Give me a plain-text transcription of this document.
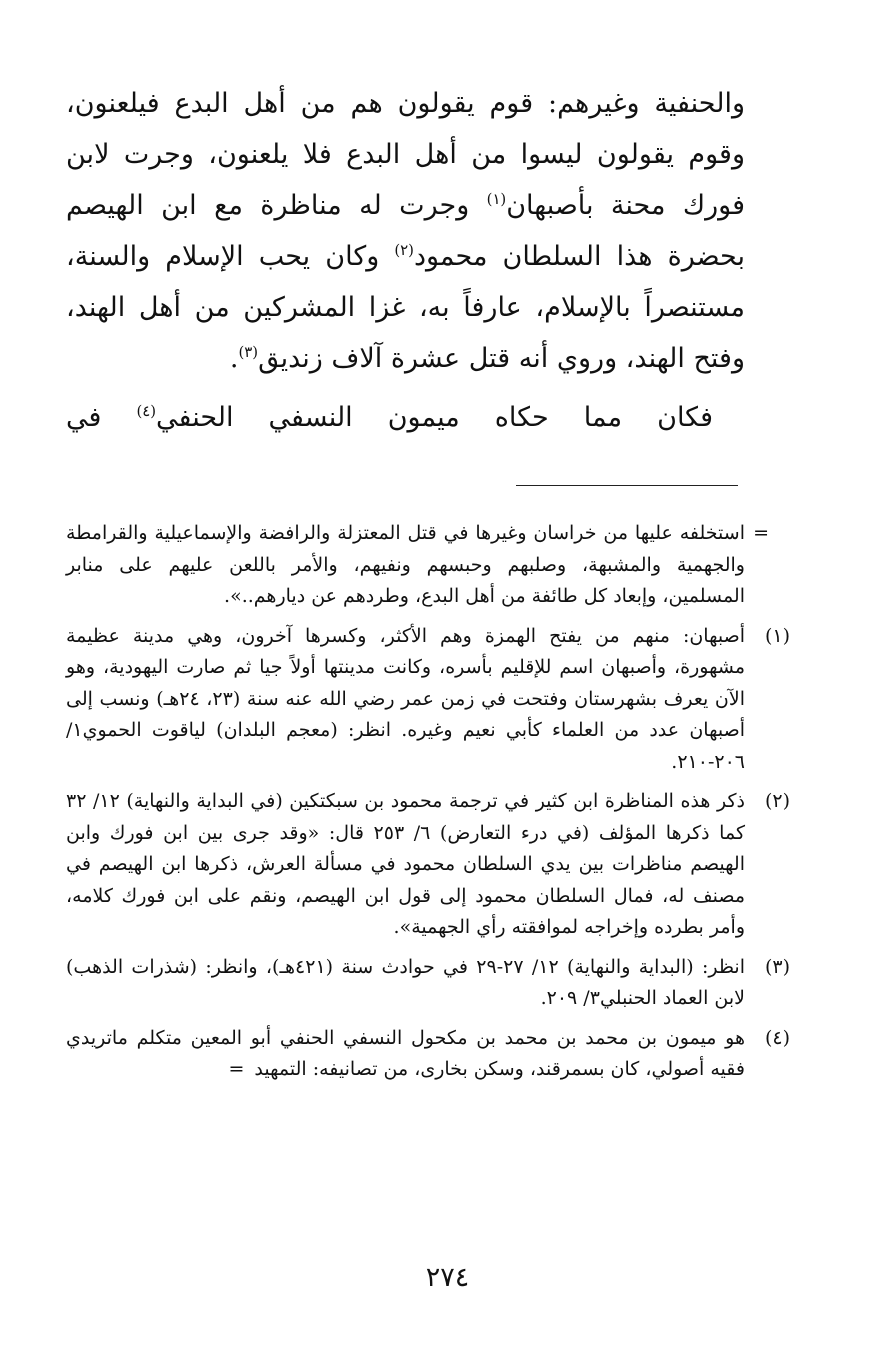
والحنفية وغيرهم: قوم يقولون هم من أهل البدع فيلعنون، وقوم يقولون ليسوا من أهل البدع فلا يلعنون، وجرت لابن فورك محنة بأصبهان$^{(١)}$ وجرت له مناظرة مع ابن الهيصم بحضرة هذا السلطان محمود$^{(٢)}$ وكان يحب الإسلام والسنة، مستنصراً بالإسلام، عارفاً به، غزا المشركين من أهل الهند، وفتح الهند، وروي أنه قتل عشرة آلاف زنديق$^{(٣)}$.

فكان مما حكاه ميمون النسفي الحنفي$^{(٤)}$ في

=
استخلفه عليها من خراسان وغيرها في قتل المعتزلة والرافضة والإسماعيلية والقرامطة والجهمية والمشبهة، وصلبهم وحبسهم ونفيهم، والأمر باللعن عليهم على منابر المسلمين، وإبعاد كل طائفة من أهل البدع، وطردهم عن ديارهم..».
(١)
أصبهان: منهم من يفتح الهمزة وهم الأكثر، وكسرها آخرون، وهي مدينة عظيمة مشهورة، وأصبهان اسم للإقليم بأسره، وكانت مدينتها أولاً جيا ثم صارت اليهودية، وهو الآن يعرف بشهرستان وفتحت في زمن عمر رضي الله عنه سنة (٢٣، ٢٤هـ) ونسب إلى أصبهان عدد من العلماء كأبي نعيم وغيره. انظر: (معجم البلدان) لياقوت الحموي١/ ٢٠٦-٢١٠.
(٢)
ذكر هذه المناظرة ابن كثير في ترجمة محمود بن سبكتكين (في البداية والنهاية) ١٢/ ٣٢ كما ذكرها المؤلف (في درء التعارض) ٦/ ٢٥٣ قال: «وقد جرى بين ابن فورك وابن الهيصم مناظرات بين يدي السلطان محمود في مسألة العرش، ذكرها ابن الهيصم في مصنف له، فمال السلطان محمود إلى قول ابن الهيصم، ونقم على ابن فورك كلامه، وأمر بطرده وإخراجه لموافقته رأي الجهمية».
(٣)
انظر: (البداية والنهاية) ١٢/ ٢٧-٢٩ في حوادث سنة (٤٢١هـ)، وانظر: (شذرات الذهب) لابن العماد الحنبلي٣/ ٢٠٩.
(٤)
هو ميمون بن محمد بن محمد بن مكحول النسفي الحنفي أبو المعين متكلم ماتريدي فقيه أصولي، كان بسمرقند، وسكن بخارى، من تصانيفه: التمهيد =
٢٧٤
